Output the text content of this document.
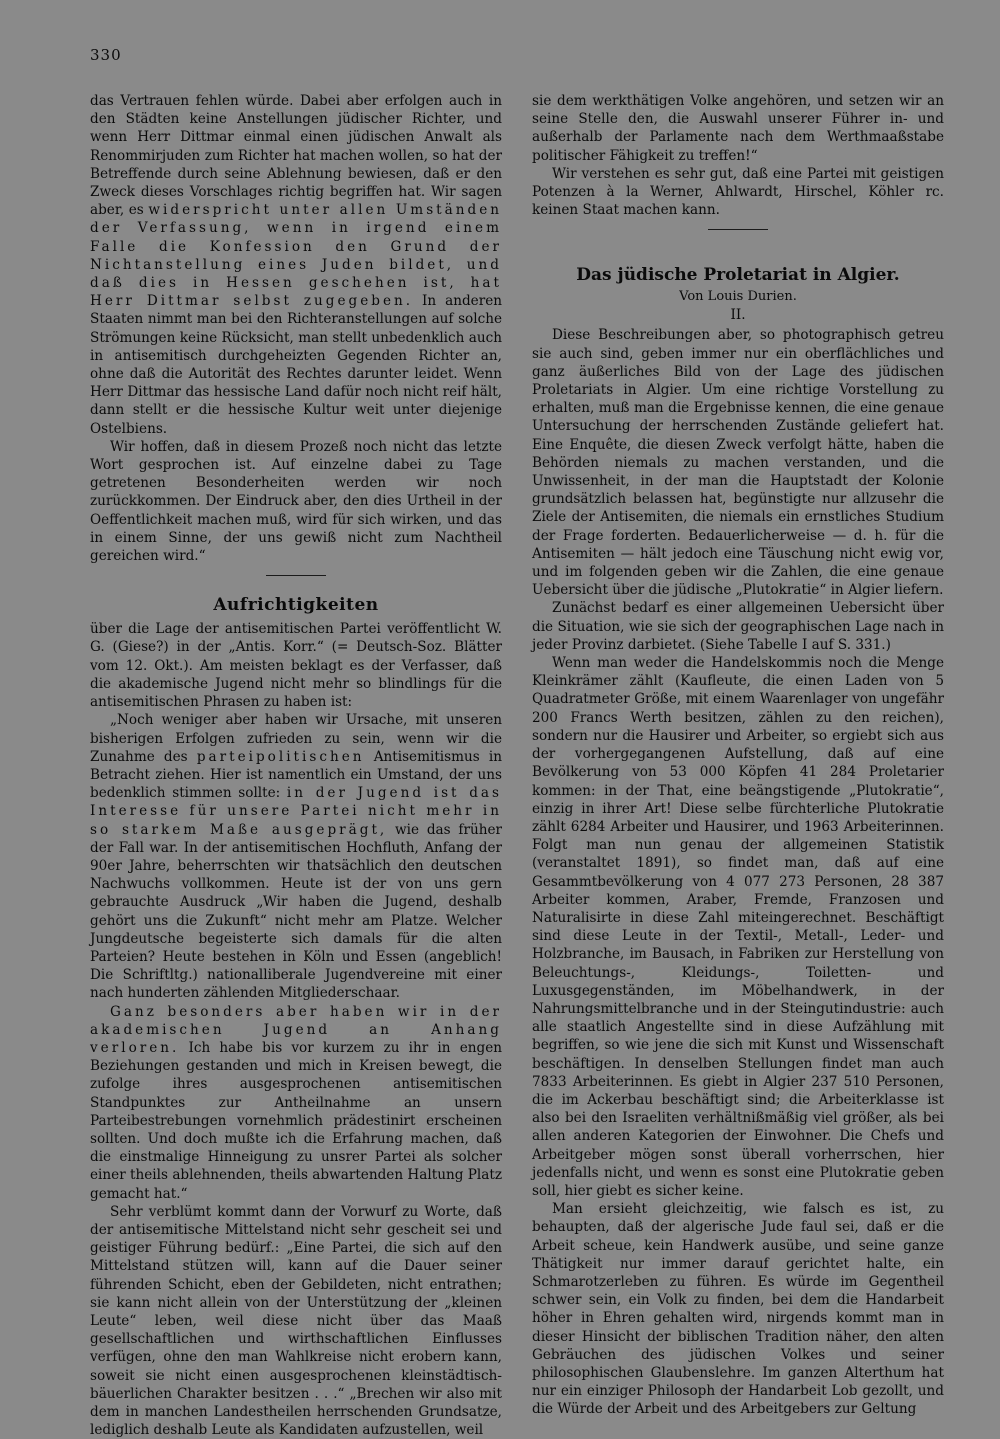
330

das Vertrauen fehlen würde. Dabei aber erfolgen auch in den Städten keine Anstellungen jüdischer Richter, und wenn Herr Dittmar einmal einen jüdischen Anwalt als Renommirjuden zum Richter hat machen wollen, so hat der Betreffende durch seine Ablehnung bewiesen, daß er den Zweck dieses Vorschlages richtig begriffen hat. Wir sagen aber, es widerspricht unter allen Umständen der Verfassung, wenn in irgend einem Falle die Konfession den Grund der Nichtanstellung eines Juden bildet, und daß dies in Hessen geschehen ist, hat Herr Dittmar selbst zugegeben. In anderen Staaten nimmt man bei den Richteranstellungen auf solche Strömungen keine Rücksicht, man stellt unbedenklich auch in antisemitisch durchgeheizten Gegenden Richter an, ohne daß die Autorität des Rechtes darunter leidet. Wenn Herr Dittmar das hessische Land dafür noch nicht reif hält, dann stellt er die hessische Kultur weit unter diejenige Ostelbiens.

Wir hoffen, daß in diesem Prozeß noch nicht das letzte Wort gesprochen ist. Auf einzelne dabei zu Tage getretenen Besonderheiten werden wir noch zurückkommen. Der Eindruck aber, den dies Urtheil in der Oeffentlichkeit machen muß, wird für sich wirken, und das in einem Sinne, der uns gewiß nicht zum Nachtheil gereichen wird.“

Aufrichtigkeiten

über die Lage der antisemitischen Partei veröffentlicht W. G. (Giese?) in der „Antis. Korr.“ (= Deutsch-Soz. Blätter vom 12. Okt.). Am meisten beklagt es der Verfasser, daß die akademische Jugend nicht mehr so blindlings für die antisemitischen Phrasen zu haben ist:

„Noch weniger aber haben wir Ursache, mit unseren bisherigen Erfolgen zufrieden zu sein, wenn wir die Zunahme des parteipolitischen Antisemitismus in Betracht ziehen. Hier ist namentlich ein Umstand, der uns bedenklich stimmen sollte: in der Jugend ist das Interesse für unsere Partei nicht mehr in so starkem Maße ausgeprägt, wie das früher der Fall war. In der antisemitischen Hochfluth, Anfang der 90er Jahre, beherrschten wir thatsächlich den deutschen Nachwuchs vollkommen. Heute ist der von uns gern gebrauchte Ausdruck „Wir haben die Jugend, deshalb gehört uns die Zukunft“ nicht mehr am Platze. Welcher Jungdeutsche begeisterte sich damals für die alten Parteien? Heute bestehen in Köln und Essen (angeblich! Die Schriftltg.) nationalliberale Jugendvereine mit einer nach hunderten zählenden Mitgliederschaar.

Ganz besonders aber haben wir in der akademischen Jugend an Anhang verloren. Ich habe bis vor kurzem zu ihr in engen Beziehungen gestanden und mich in Kreisen bewegt, die zufolge ihres ausgesprochenen antisemitischen Standpunktes zur Antheilnahme an unsern Parteibestrebungen vornehmlich prädestinirt erscheinen sollten. Und doch mußte ich die Erfahrung machen, daß die einstmalige Hinneigung zu unsrer Partei als solcher einer theils ablehnenden, theils abwartenden Haltung Platz gemacht hat.“

Sehr verblümt kommt dann der Vorwurf zu Worte, daß der antisemitische Mittelstand nicht sehr gescheit sei und geistiger Führung bedürf.: „Eine Partei, die sich auf den Mittelstand stützen will, kann auf die Dauer seiner führenden Schicht, eben der Gebildeten, nicht entrathen; sie kann nicht allein von der Unterstützung der „kleinen Leute“ leben, weil diese nicht über das Maaß gesellschaftlichen und wirthschaftlichen Einflusses verfügen, ohne den man Wahlkreise nicht erobern kann, soweit sie nicht einen ausgesprochenen kleinstädtisch-bäuerlichen Charakter besitzen . . .“ „Brechen wir also mit dem in manchen Landestheilen herrschenden Grundsatze, lediglich deshalb Leute als Kandidaten aufzustellen, weil

sie dem werkthätigen Volke angehören, und setzen wir an seine Stelle den, die Auswahl unserer Führer in- und außerhalb der Parlamente nach dem Werthmaaßstabe politischer Fähigkeit zu treffen!“

Wir verstehen es sehr gut, daß eine Partei mit geistigen Potenzen à la Werner, Ahlwardt, Hirschel, Köhler rc. keinen Staat machen kann.

Das jüdische Proletariat in Algier.
Von Louis Durien.
II.

Diese Beschreibungen aber, so photographisch getreu sie auch sind, geben immer nur ein oberflächliches und ganz äußerliches Bild von der Lage des jüdischen Proletariats in Algier. Um eine richtige Vorstellung zu erhalten, muß man die Ergebnisse kennen, die eine genaue Untersuchung der herrschenden Zustände geliefert hat. Eine Enquête, die diesen Zweck verfolgt hätte, haben die Behörden niemals zu machen verstanden, und die Unwissenheit, in der man die Hauptstadt der Kolonie grundsätzlich belassen hat, begünstigte nur allzusehr die Ziele der Antisemiten, die niemals ein ernstliches Studium der Frage forderten. Bedauerlicherweise — d. h. für die Antisemiten — hält jedoch eine Täuschung nicht ewig vor, und im folgenden geben wir die Zahlen, die eine genaue Uebersicht über die jüdische „Plutokratie“ in Algier liefern.

Zunächst bedarf es einer allgemeinen Uebersicht über die Situation, wie sie sich der geographischen Lage nach in jeder Provinz darbietet. (Siehe Tabelle I auf S. 331.)

Wenn man weder die Handelskommis noch die Menge Kleinkrämer zählt (Kaufleute, die einen Laden von 5 Quadratmeter Größe, mit einem Waarenlager von ungefähr 200 Francs Werth besitzen, zählen zu den reichen), sondern nur die Hausirer und Arbeiter, so ergiebt sich aus der vorhergegangenen Aufstellung, daß auf eine Bevölkerung von 53 000 Köpfen 41 284 Proletarier kommen: in der That, eine beängstigende „Plutokratie“, einzig in ihrer Art! Diese selbe fürchterliche Plutokratie zählt 6284 Arbeiter und Hausirer, und 1963 Arbeiterinnen. Folgt man nun genau der allgemeinen Statistik (veranstaltet 1891), so findet man, daß auf eine Gesammtbevölkerung von 4 077 273 Personen, 28 387 Arbeiter kommen, Araber, Fremde, Franzosen und Naturalisirte in diese Zahl miteingerechnet. Beschäftigt sind diese Leute in der Textil-, Metall-, Leder- und Holzbranche, im Bausach, in Fabriken zur Herstellung von Beleuchtungs-, Kleidungs-, Toiletten- und Luxusgegenständen, im Möbelhandwerk, in der Nahrungsmittelbranche und in der Steingutindustrie: auch alle staatlich Angestellte sind in diese Aufzählung mit begriffen, so wie jene die sich mit Kunst und Wissenschaft beschäftigen. In denselben Stellungen findet man auch 7833 Arbeiterinnen. Es giebt in Algier 237 510 Personen, die im Ackerbau beschäftigt sind; die Arbeiterklasse ist also bei den Israeliten verhältnißmäßig viel größer, als bei allen anderen Kategorien der Einwohner. Die Chefs und Arbeitgeber mögen sonst überall vorherrschen, hier jedenfalls nicht, und wenn es sonst eine Plutokratie geben soll, hier giebt es sicher keine.

Man ersieht gleichzeitig, wie falsch es ist, zu behaupten, daß der algerische Jude faul sei, daß er die Arbeit scheue, kein Handwerk ausübe, und seine ganze Thätigkeit nur immer darauf gerichtet halte, ein Schmarotzerleben zu führen. Es würde im Gegentheil schwer sein, ein Volk zu finden, bei dem die Handarbeit höher in Ehren gehalten wird, nirgends kommt man in dieser Hinsicht der biblischen Tradition näher, den alten Gebräuchen des jüdischen Volkes und seiner philosophischen Glaubenslehre. Im ganzen Alterthum hat nur ein einziger Philosoph der Handarbeit Lob gezollt, und die Würde der Arbeit und des Arbeitgebers zur Geltung
